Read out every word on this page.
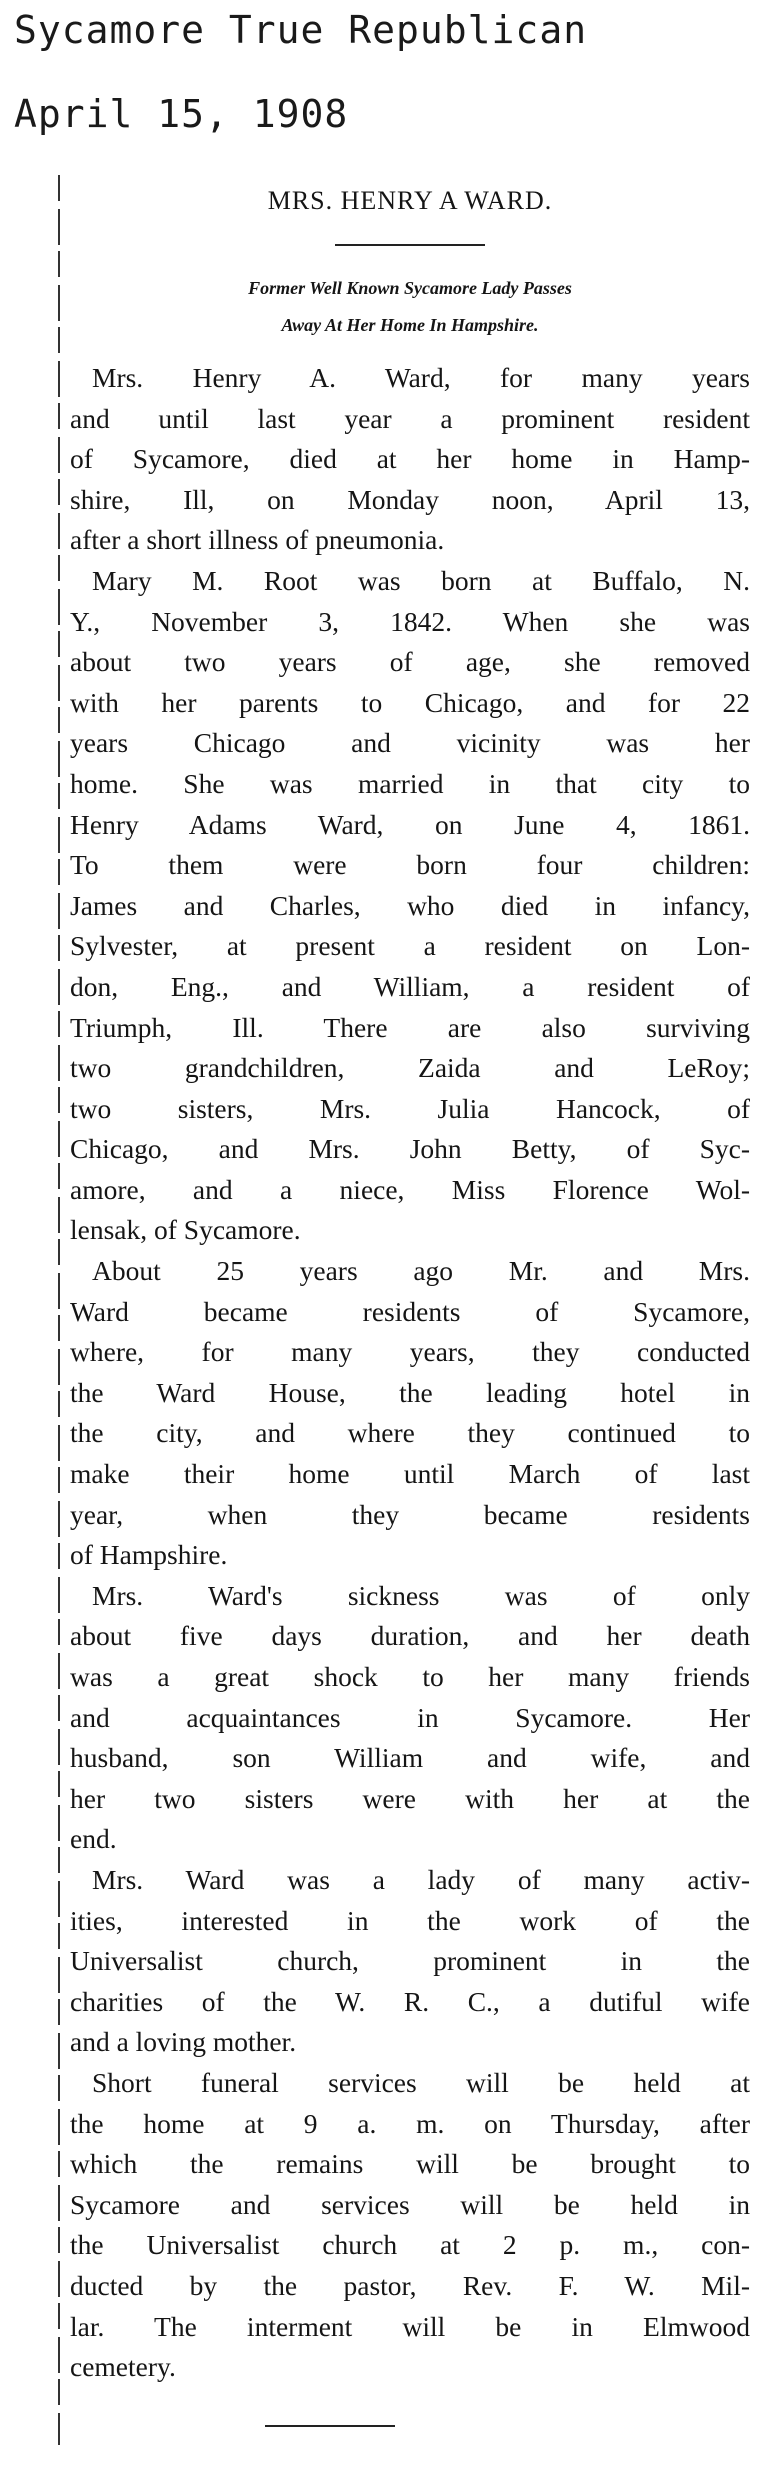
Sycamore True Republican
April 15, 1908
MRS. HENRY A WARD.
Former Well Known Sycamore Lady Passes
Away At Her Home In Hampshire.
Mrs. Henry A. Ward, for many years
and until last year a prominent resident
of Sycamore, died at her home in Hamp-
shire, Ill, on Monday noon, April 13,
after a short illness of pneumonia.
Mary M. Root was born at Buffalo, N.
Y., November 3, 1842. When she was
about two years of age, she removed
with her parents to Chicago, and for 22
years Chicago and vicinity was her
home. She was married in that city to
Henry Adams Ward, on June 4, 1861.
To them were born four children:
James and Charles, who died in infancy,
Sylvester, at present a resident on Lon-
don, Eng., and William, a resident of
Triumph, Ill. There are also surviving
two grandchildren, Zaida and LeRoy;
two sisters, Mrs. Julia Hancock, of
Chicago, and Mrs. John Betty, of Syc-
amore, and a niece, Miss Florence Wol-
lensak, of Sycamore.
About 25 years ago Mr. and Mrs.
Ward became residents of Sycamore,
where, for many years, they conducted
the Ward House, the leading hotel in
the city, and where they continued to
make their home until March of last
year, when they became residents
of Hampshire.
Mrs. Ward's sickness was of only
about five days duration, and her death
was a great shock to her many friends
and acquaintances in Sycamore. Her
husband, son William and wife, and
her two sisters were with her at the
end.
Mrs. Ward was a lady of many activ-
ities, interested in the work of the
Universalist church, prominent in the
charities of the W. R. C., a dutiful wife
and a loving mother.
Short funeral services will be held at
the home at 9 a. m. on Thursday, after
which the remains will be brought to
Sycamore and services will be held in
the Universalist church at 2 p. m., con-
ducted by the pastor, Rev. F. W. Mil-
lar. The interment will be in Elmwood
cemetery.
